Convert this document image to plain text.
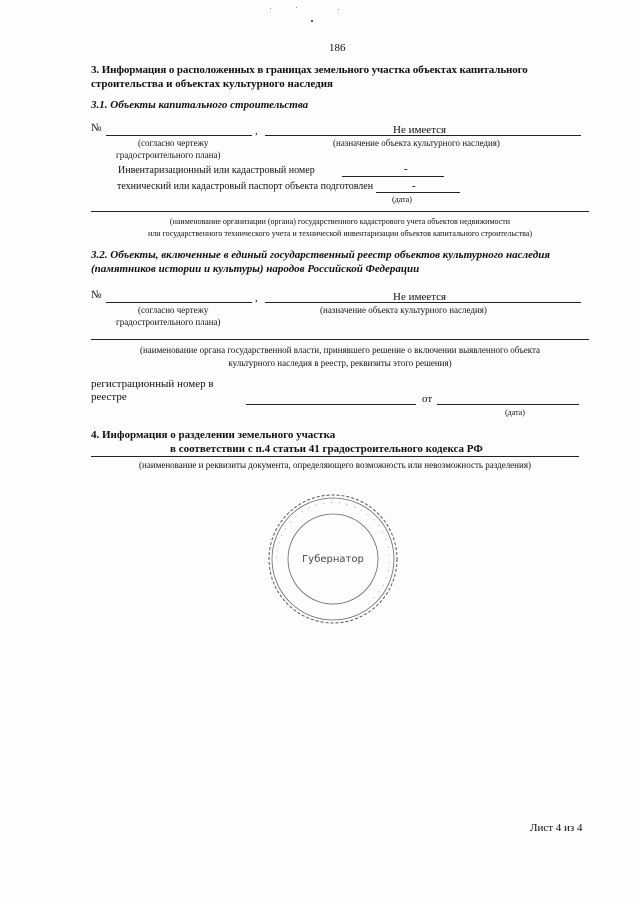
186
3. Информация о расположенных в границах земельного участка объектах капитального
строительства и объектах культурного наследия
3.1. Объекты капитального строительства
№	,	Не имеется
(согласно чертежу	(назначение объекта культурного наследия)
градостроительного плана)
Инвентаризационный или кадастровый номер	-
технический или кадастровый паспорт объекта подготовлен	-
(дата)
(наименование организации (органа) государственного кадастрового учета объектов недвижимости
или государственного технического учета и технической инвентаризации объектов капитального строительства)
3.2. Объекты, включенные в единый государственный реестр объектов культурного наследия
(памятников истории и культуры) народов Российской Федерации
№	,	Не имеется
(согласно чертежу	(назначение объекта культурного наследия)
градостроительного плана)
(наименование органа государственной власти, принявшего решение о включении выявленного объекта
культурного наследия в реестр, реквизиты этого решения)
регистрационный номер в
реестре	от
(дата)
4. Информация о разделении земельного участка
в соответствии с п.4 статьи 41 градостроительного кодекса РФ
(наименование и реквизиты документа, определяющего возможность или невозможность разделения)
· · · · · · · · · · · · · · · · · · · · · · · · · · · · · ·
Губернатор
Лист 4 из 4
